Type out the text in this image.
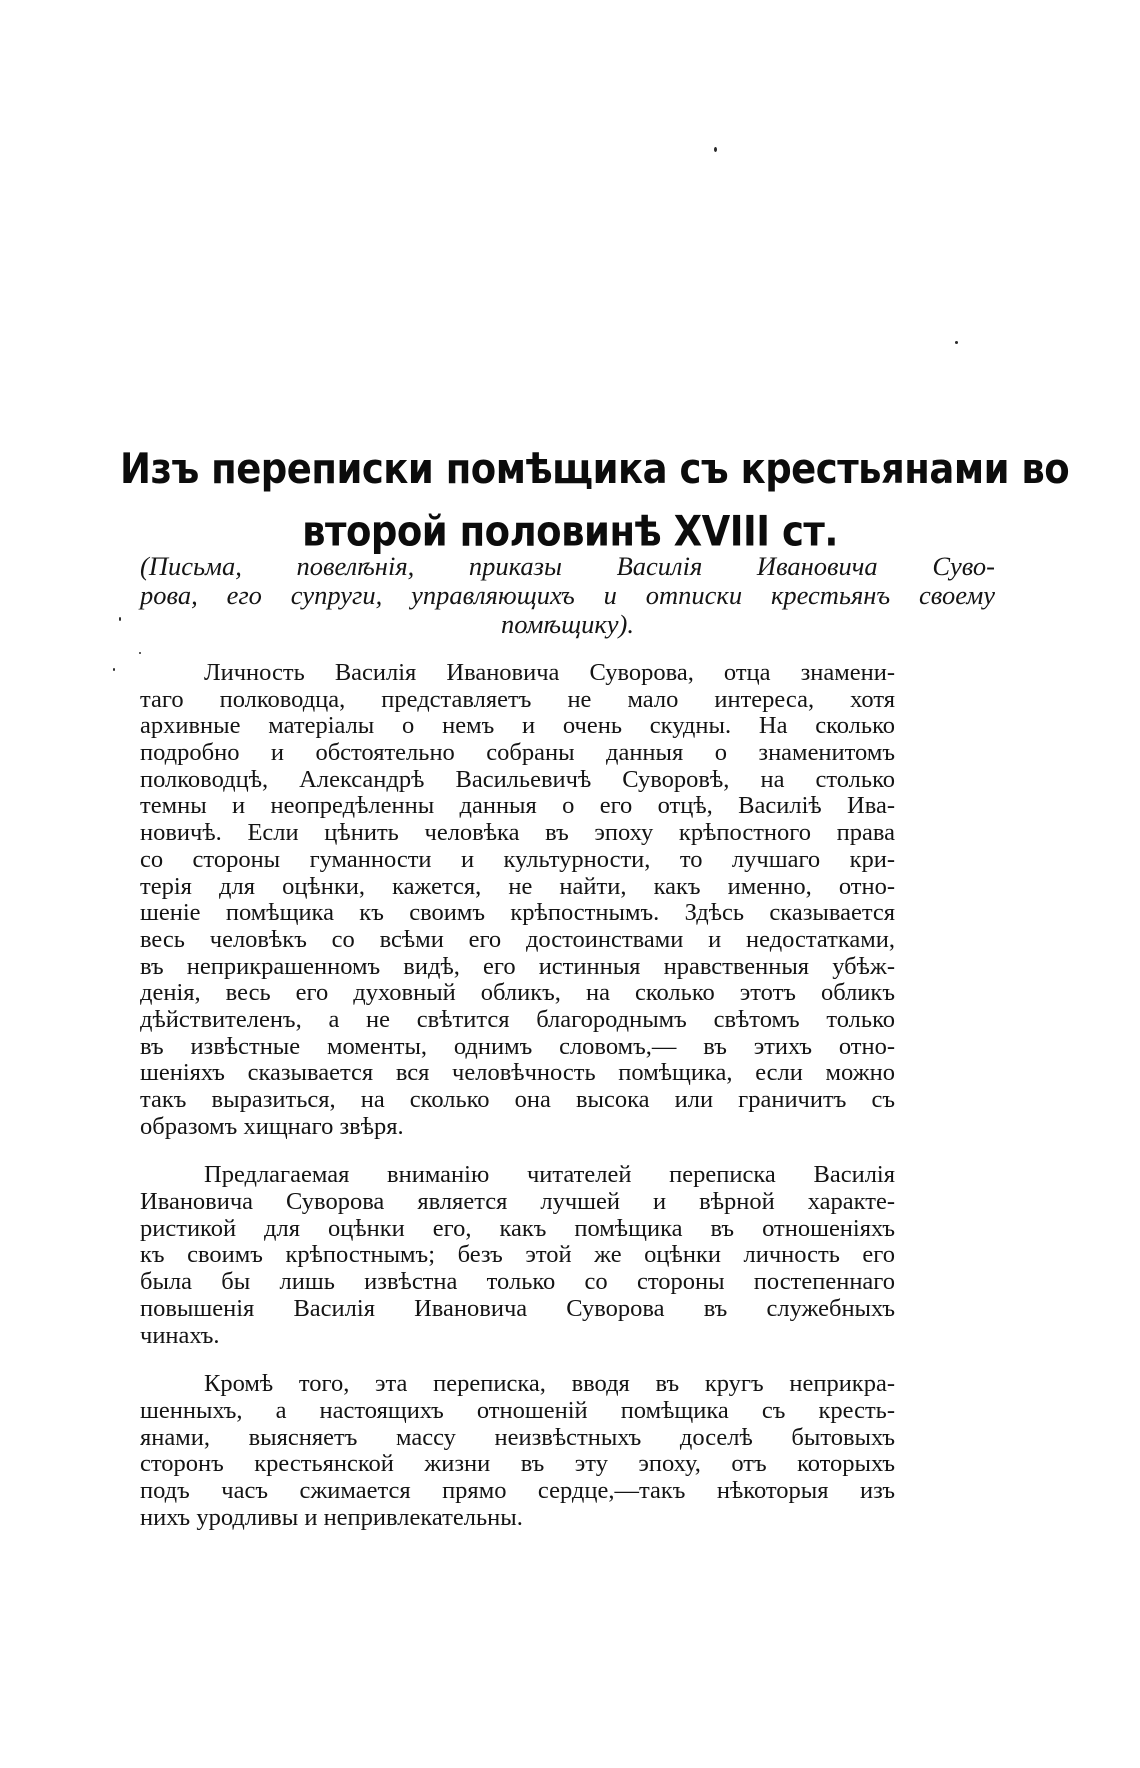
Изъ переписки помѣщика съ крестьянами во
второй половинѣ XVIII ст.
(Письма, повелѣнія, приказы Василія Ивановича Суво-
рова, его супруги, управляющихъ и отписки крестьянъ своему
помѣщику).
Личность Василія Ивановича Суворова, отца знамени-
таго полководца, представляетъ не мало интереса, хотя
архивные матеріалы о немъ и очень скудны. На сколько
подробно и обстоятельно собраны данныя о знаменитомъ
полководцѣ, Александрѣ Васильевичѣ Суворовѣ, на столько
темны и неопредѣленны данныя о его отцѣ, Василіѣ Ива-
новичѣ. Если цѣнить человѣка въ эпоху крѣпостного права
со стороны гуманности и культурности, то лучшаго кри-
терія для оцѣнки, кажется, не найти, какъ именно, отно-
шеніе помѣщика къ своимъ крѣпостнымъ. Здѣсь сказывается
весь человѣкъ со всѣми его достоинствами и недостатками,
въ неприкрашенномъ видѣ, его истинныя нравственныя убѣж-
денія, весь его духовный обликъ, на сколько этотъ обликъ
дѣйствителенъ, а не свѣтится благороднымъ свѣтомъ только
въ извѣстные моменты, однимъ словомъ,— въ этихъ отно-
шеніяхъ сказывается вся человѣчность помѣщика, если можно
такъ выразиться, на сколько она высока или граничитъ съ
образомъ хищнаго звѣря.
Предлагаемая вниманію читателей переписка Василія
Ивановича Суворова является лучшей и вѣрной характе-
ристикой для оцѣнки его, какъ помѣщика въ отношеніяхъ
къ своимъ крѣпостнымъ; безъ этой же оцѣнки личность его
была бы лишь извѣстна только со стороны постепеннаго
повышенія Василія Ивановича Суворова въ служебныхъ
чинахъ.
Кромѣ того, эта переписка, вводя въ кругъ неприкра-
шенныхъ, а настоящихъ отношеній помѣщика съ кресть-
янами, выясняетъ массу неизвѣстныхъ доселѣ бытовыхъ
сторонъ крестьянской жизни въ эту эпоху, отъ которыхъ
подъ часъ сжимается прямо сердце,—такъ нѣкоторыя изъ
нихъ уродливы и непривлекательны.
